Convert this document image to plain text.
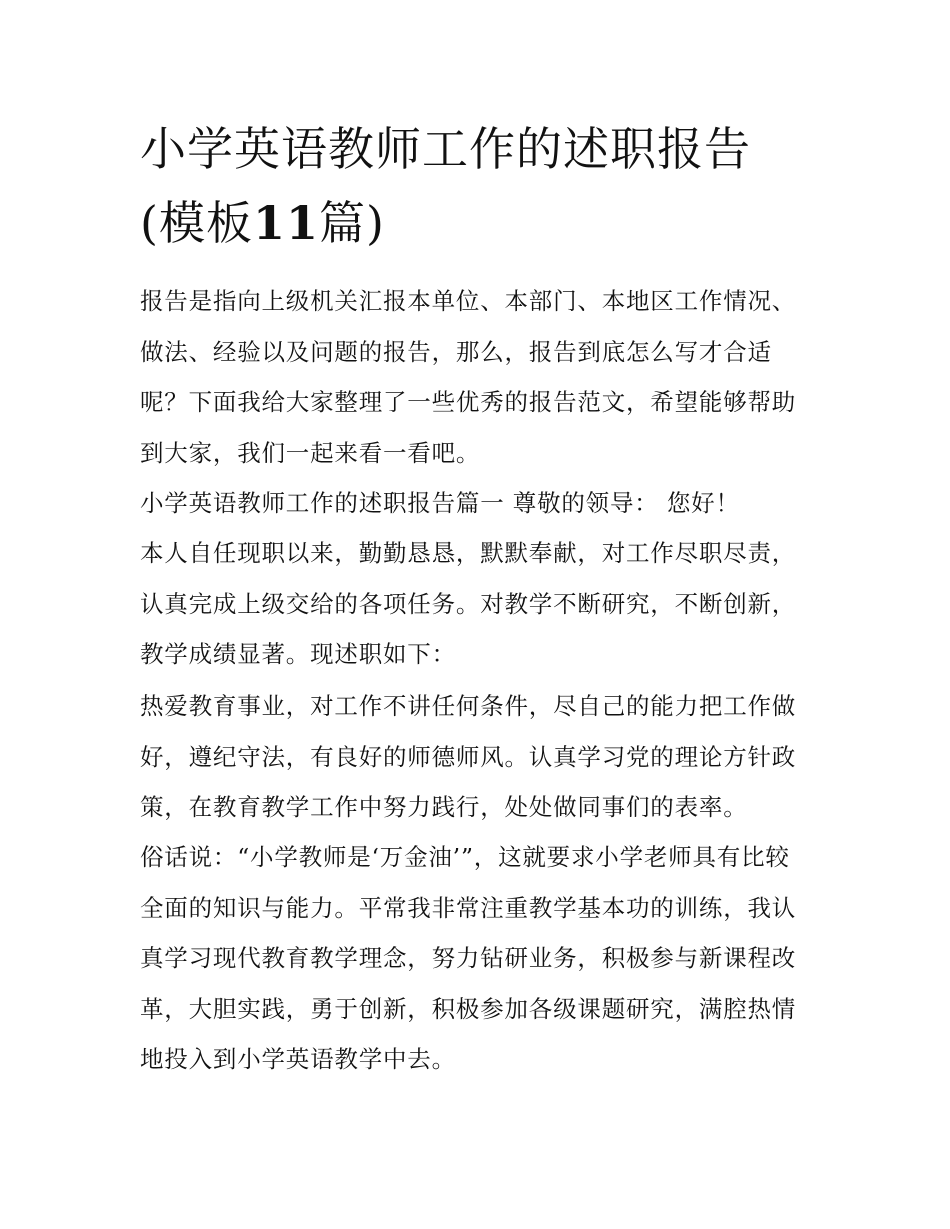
小学英语教师工作的述职报告
(模板11篇)

报告是指向上级机关汇报本单位、本部门、本地区工作情况、
做法、经验以及问题的报告，那么，报告到底怎么写才合适
呢？下面我给大家整理了一些优秀的报告范文，希望能够帮助
到大家，我们一起来看一看吧。

小学英语教师工作的述职报告篇一 尊敬的领导： 您好！

本人自任现职以来，勤勤恳恳，默默奉献，对工作尽职尽责，
认真完成上级交给的各项任务。对教学不断研究，不断创新，
教学成绩显著。现述职如下：

热爱教育事业，对工作不讲任何条件，尽自己的能力把工作做
好，遵纪守法，有良好的师德师风。认真学习党的理论方针政
策，在教育教学工作中努力践行，处处做同事们的表率。

俗话说：“小学教师是‘万金油’”，这就要求小学老师具有比较
全面的知识与能力。平常我非常注重教学基本功的训练，我认
真学习现代教育教学理念，努力钻研业务，积极参与新课程改
革，大胆实践，勇于创新，积极参加各级课题研究，满腔热情
地投入到小学英语教学中去。
